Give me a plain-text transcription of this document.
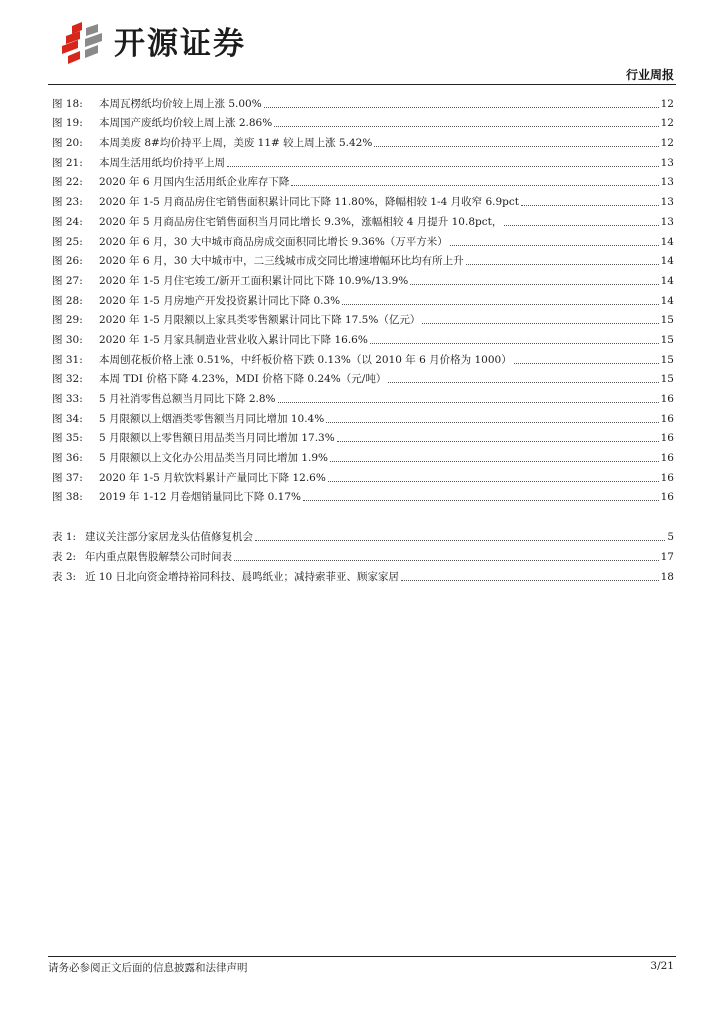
开源证券
行业周报
图 18:	本周瓦楞纸均价较上周上涨 5.00%	12
图 19:	本周国产废纸均价较上周上涨 2.86%	12
图 20:	本周美废 8#均价持平上周，美废 11# 较上周上涨 5.42%	12
图 21:	本周生活用纸均价持平上周	13
图 22:	2020 年 6 月国内生活用纸企业库存下降	13
图 23:	2020 年 1-5 月商品房住宅销售面积累计同比下降 11.80%，降幅相较 1-4 月收窄 6.9pct	13
图 24:	2020 年 5 月商品房住宅销售面积当月同比增长 9.3%，涨幅相较 4 月提升 10.8pct，	13
图 25:	2020 年 6 月，30 大中城市商品房成交面积同比增长 9.36%（万平方米）	14
图 26:	2020 年 6 月，30 大中城市中，二三线城市成交同比增速增幅环比均有所上升	14
图 27:	2020 年 1-5 月住宅竣工/新开工面积累计同比下降 10.9%/13.9%	14
图 28:	2020 年 1-5 月房地产开发投资累计同比下降 0.3%	14
图 29:	2020 年 1-5 月限额以上家具类零售额累计同比下降 17.5%（亿元）	15
图 30:	2020 年 1-5 月家具制造业营业收入累计同比下降 16.6%	15
图 31:	本周刨花板价格上涨 0.51%，中纤板价格下跌 0.13%（以 2010 年 6 月价格为 1000）	15
图 32:	本周 TDI 价格下降 4.23%，MDI 价格下降 0.24%（元/吨）	15
图 33:	5 月社消零售总额当月同比下降 2.8%	16
图 34:	5 月限额以上烟酒类零售额当月同比增加 10.4%	16
图 35:	5 月限额以上零售额日用品类当月同比增加 17.3%	16
图 36:	5 月限额以上文化办公用品类当月同比增加 1.9%	16
图 37:	2020 年 1-5 月软饮料累计产量同比下降 12.6%	16
图 38:	2019 年 1-12 月卷烟销量同比下降 0.17%	16
表 1: 建议关注部分家居龙头估值修复机会	5
表 2: 年内重点限售股解禁公司时间表	17
表 3: 近 10 日北向资金增持裕同科技、晨鸣纸业；减持索菲亚、顾家家居	18
请务必参阅正文后面的信息披露和法律声明	3/21
